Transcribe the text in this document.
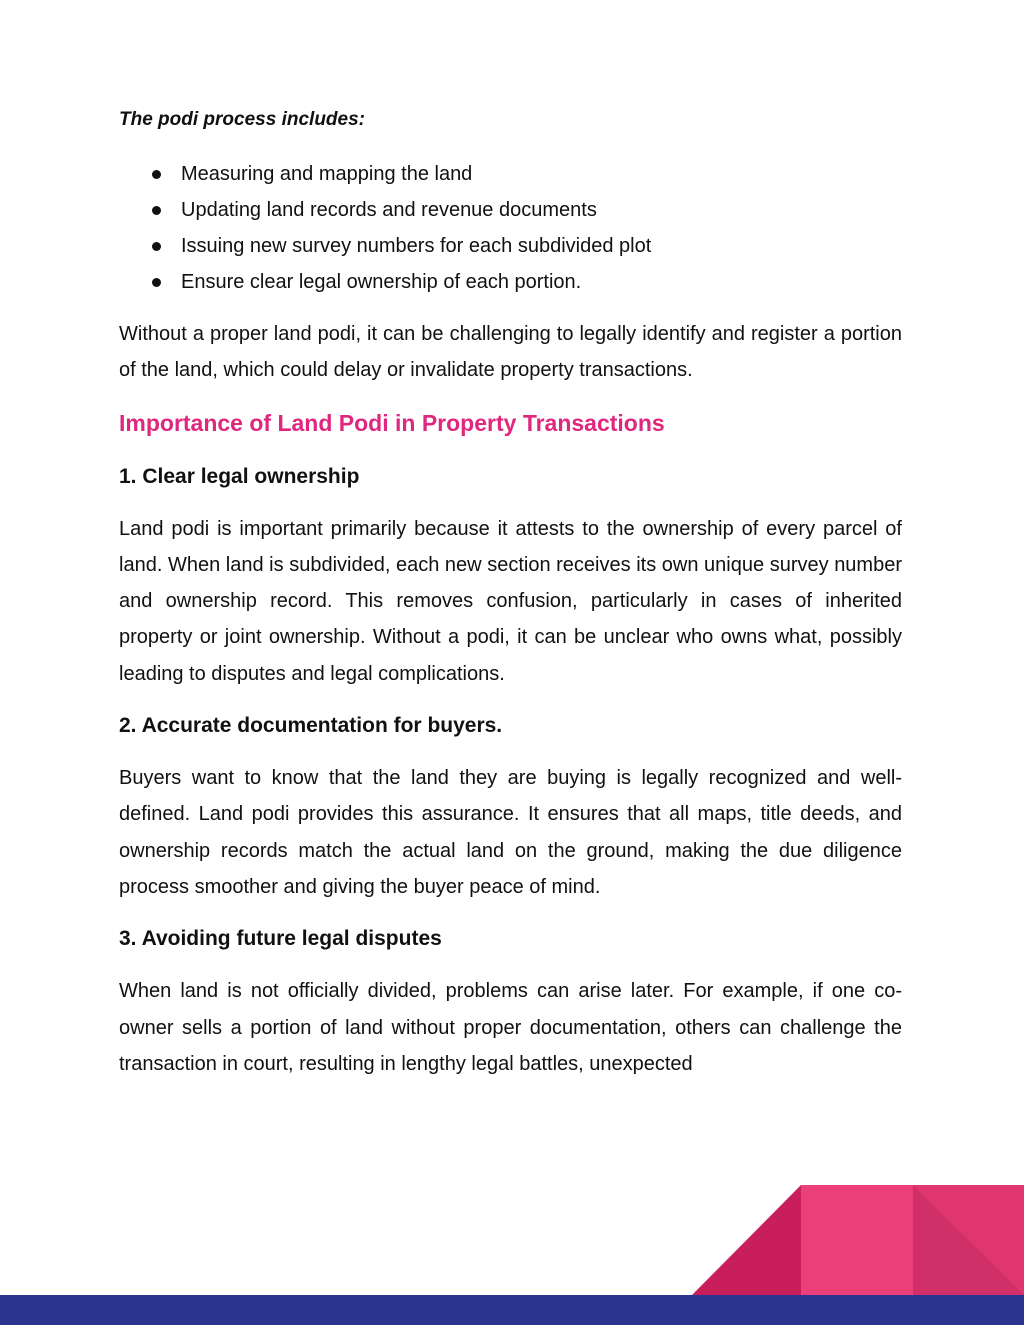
The podi process includes:

Measuring and mapping the land
Updating land records and revenue documents
Issuing new survey numbers for each subdivided plot
Ensure clear legal ownership of each portion.

Without a proper land podi, it can be challenging to legally identify and register a portion of the land, which could delay or invalidate property transactions.

Importance of Land Podi in Property Transactions
1. Clear legal ownership

Land podi is important primarily because it attests to the ownership of every parcel of land. When land is subdivided, each new section receives its own unique survey number and ownership record. This removes confusion, particularly in cases of inherited property or joint ownership. Without a podi, it can be unclear who owns what, possibly leading to disputes and legal complications.

2. Accurate documentation for buyers.

Buyers want to know that the land they are buying is legally recognized and well-defined. Land podi provides this assurance. It ensures that all maps, title deeds, and ownership records match the actual land on the ground, making the due diligence process smoother and giving the buyer peace of mind.

3. Avoiding future legal disputes

When land is not officially divided, problems can arise later. For example, if one co-owner sells a portion of land without proper documentation, others can challenge the transaction in court, resulting in lengthy legal battles, unexpected
